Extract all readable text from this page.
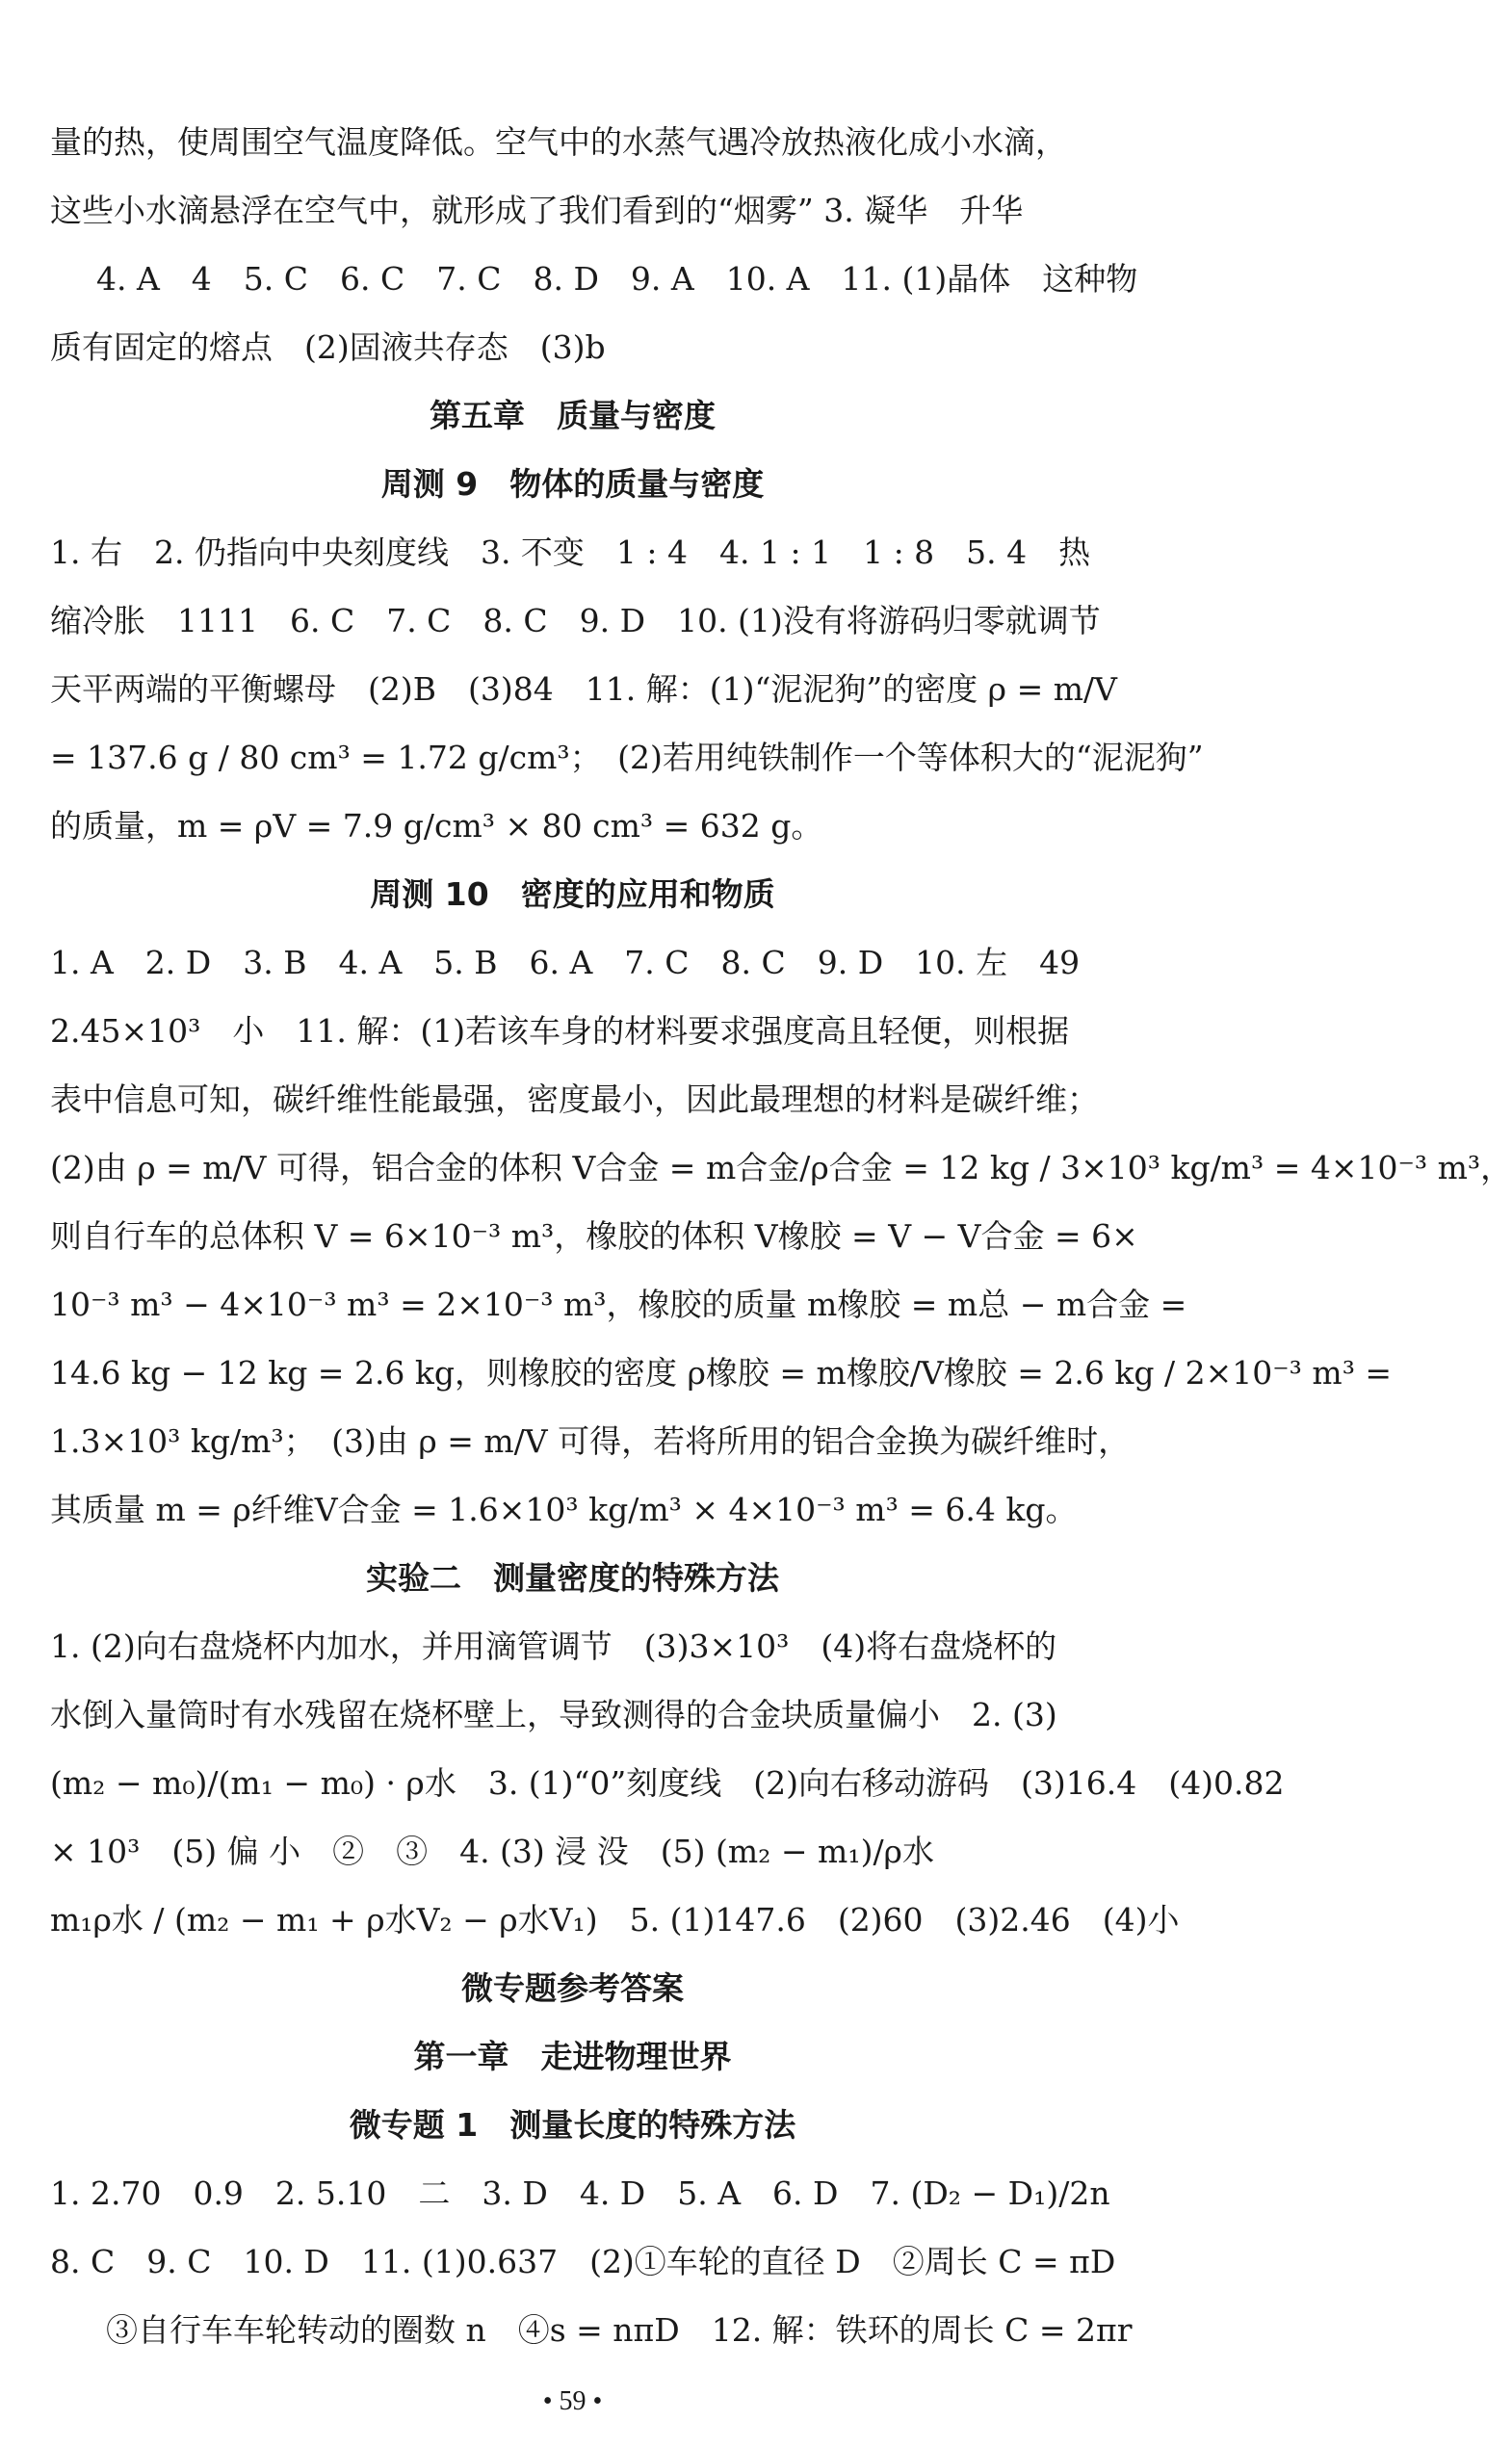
量的热，使周围空气温度降低。空气中的水蒸气遇冷放热液化成小水滴，
这些小水滴悬浮在空气中，就形成了我们看到的“烟雾” 3. 凝华　升华
4. A　4　5. C　6. C　7. C　8. D　9. A　10. A　11. (1)晶体　这种物
质有固定的熔点　(2)固液共存态　(3)b
第五章　质量与密度
周测 9　物体的质量与密度
1. 右　2. 仍指向中央刻度线　3. 不变　1 : 4　4. 1 : 1　1 : 8　5. 4　热
缩冷胀　1111　6. C　7. C　8. C　9. D　10. (1)没有将游码归零就调节
天平两端的平衡螺母　(2)B　(3)84　11. 解：(1)“泥泥狗”的密度 ρ = m/V
= 137.6 g / 80 cm³ = 1.72 g/cm³；　(2)若用纯铁制作一个等体积大的“泥泥狗”
的质量，m = ρV = 7.9 g/cm³ × 80 cm³ = 632 g。
周测 10　密度的应用和物质
1. A　2. D　3. B　4. A　5. B　6. A　7. C　8. C　9. D　10. 左　49
2.45×10³　小　11. 解：(1)若该车身的材料要求强度高且轻便，则根据
表中信息可知，碳纤维性能最强，密度最小，因此最理想的材料是碳纤维；
(2)由 ρ = m/V 可得，铝合金的体积 V合金 = m合金/ρ合金 = 12 kg / 3×10³ kg/m³ = 4×10⁻³ m³，
则自行车的总体积 V = 6×10⁻³ m³，橡胶的体积 V橡胶 = V − V合金 = 6×
10⁻³ m³ − 4×10⁻³ m³ = 2×10⁻³ m³，橡胶的质量 m橡胶 = m总 − m合金 =
14.6 kg − 12 kg = 2.6 kg，则橡胶的密度 ρ橡胶 = m橡胶/V橡胶 = 2.6 kg / 2×10⁻³ m³ =
1.3×10³ kg/m³；　(3)由 ρ = m/V 可得，若将所用的铝合金换为碳纤维时，
其质量 m = ρ纤维V合金 = 1.6×10³ kg/m³ × 4×10⁻³ m³ = 6.4 kg。
实验二　测量密度的特殊方法
1. (2)向右盘烧杯内加水，并用滴管调节　(3)3×10³　(4)将右盘烧杯的
水倒入量筒时有水残留在烧杯壁上，导致测得的合金块质量偏小　2. (3)
(m₂ − m₀)/(m₁ − m₀) · ρ水　3. (1)“0”刻度线　(2)向右移动游码　(3)16.4　(4)0.82
× 10³　(5) 偏 小　②　③　4. (3) 浸 没　(5) (m₂ − m₁)/ρ水
m₁ρ水 / (m₂ − m₁ + ρ水V₂ − ρ水V₁)　5. (1)147.6　(2)60　(3)2.46　(4)小
微专题参考答案
第一章　走进物理世界
微专题 1　测量长度的特殊方法
1. 2.70　0.9　2. 5.10　二　3. D　4. D　5. A　6. D　7. (D₂ − D₁)/2n
8. C　9. C　10. D　11. (1)0.637　(2)①车轮的直径 D　②周长 C = πD
③自行车车轮转动的圈数 n　④s = nπD　12. 解：铁环的周长 C = 2πr
• 59 •
